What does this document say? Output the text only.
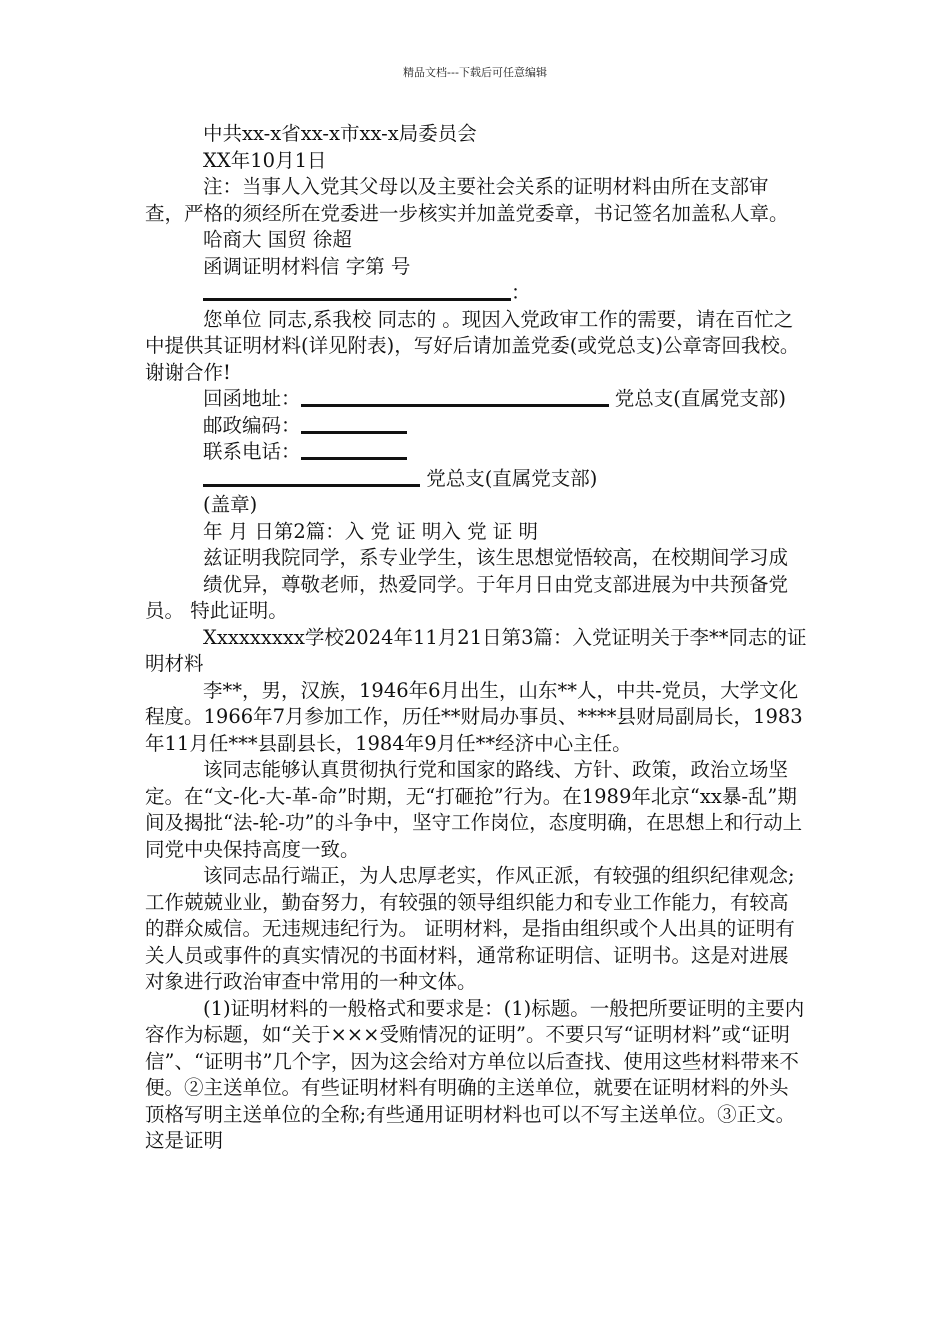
精品文档---下载后可任意编辑

中共xx-x省xx-x市xx-x局委员会

XX年10月1日

注：当事人入党其父母以及主要社会关系的证明材料由所在支部审查，严格的须经所在党委进一步核实并加盖党委章，书记签名加盖私人章。

哈商大 国贸 徐超

函调证明材料信 字第 号

：

您单位 同志,系我校 同志的 。现因入党政审工作的需要，请在百忙之中提供其证明材料(详见附表)，写好后请加盖党委(或党总支)公章寄回我校。谢谢合作!

回函地址：	党总支(直属党支部)

邮政编码：

联系电话：

党总支(直属党支部)

(盖章)

年 月 日第2篇：入 党 证 明入 党 证 明

兹证明我院同学，系专业学生，该生思想觉悟较高，在校期间学习成

绩优异，尊敬老师，热爱同学。于年月日由党支部进展为中共预备党员。 特此证明。

Xxxxxxxxx学校2024年11月21日第3篇：入党证明关于李**同志的证明材料

李**，男，汉族，1946年6月出生，山东**人，中共-党员，大学文化程度。1966年7月参加工作，历任**财局办事员、****县财局副局长，1983年11月任***县副县长，1984年9月任**经济中心主任。

该同志能够认真贯彻执行党和国家的路线、方针、政策，政治立场坚定。在“文-化-大-革-命”时期，无“打砸抢”行为。在1989年北京“xx暴-乱”期间及揭批“法-轮-功”的斗争中，坚守工作岗位，态度明确，在思想上和行动上同党中央保持高度一致。

该同志品行端正，为人忠厚老实，作风正派，有较强的组织纪律观念;工作兢兢业业，勤奋努力，有较强的领导组织能力和专业工作能力，有较高的群众威信。无违规违纪行为。 证明材料，是指由组织或个人出具的证明有关人员或事件的真实情况的书面材料，通常称证明信、证明书。这是对进展对象进行政治审查中常用的一种文体。

(1)证明材料的一般格式和要求是：(1)标题。一般把所要证明的主要内容作为标题，如“关于×××受贿情况的证明”。不要只写“证明材料”或“证明信”、“证明书”几个字，因为这会给对方单位以后查找、使用这些材料带来不便。②主送单位。有些证明材料有明确的主送单位，就要在证明材料的外头顶格写明主送单位的全称;有些通用证明材料也可以不写主送单位。③正文。这是证明
